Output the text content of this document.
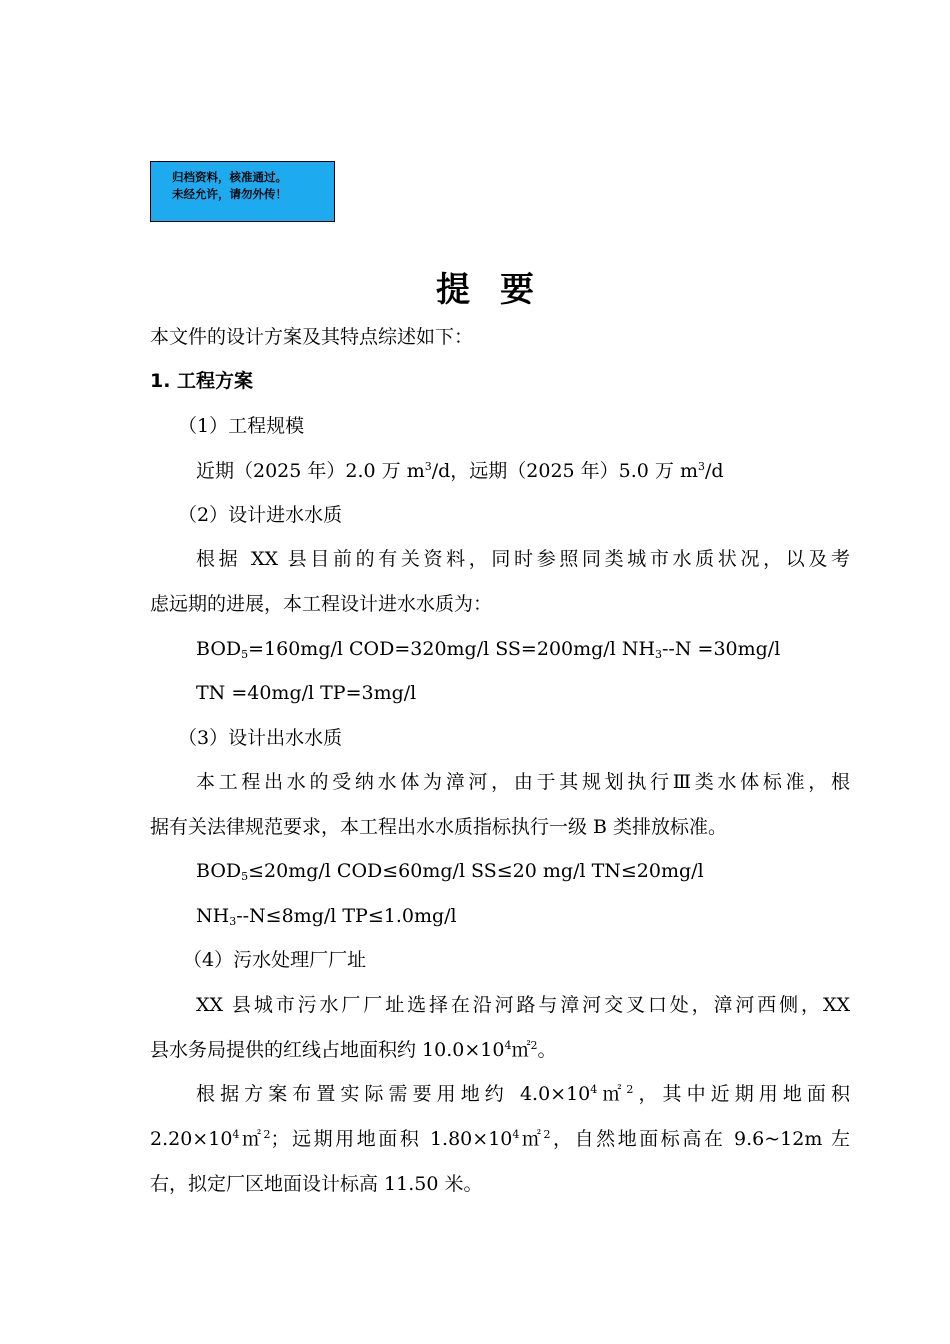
归档资料，核准通过。
未经允许，请勿外传！
提要
本文件的设计方案及其特点综述如下：
1. 工程方案
（1）工程规模
近期（2025 年）2.0 万 $m^3/d$，远期（2025 年）5.0 万 $m^3/d$
（2）设计进水水质
根据 XX 县目前的有关资料，同时参照同类城市水质状况，以及考
虑远期的进展，本工程设计进水水质为：
$BOD_5=160mg/l$ COD=320mg/l SS=200mg/l $NH_3--N =30mg/l$
TN =40mg/l TP=3mg/l
（3）设计出水水质
本工程出水的受纳水体为漳河，由于其规划执行Ⅲ类水体标准，根
据有关法律规范要求，本工程出水水质指标执行一级 B 类排放标准。
$BOD_5\le 20mg/l$ COD≤60mg/l SS≤20 mg/l TN≤20mg/l
$NH_3--N\le 8mg/l$ TP≤1.0mg/l
（4）污水处理厂厂址
XX 县城市污水厂厂址选择在沿河路与漳河交叉口处，漳河西侧，XX
县水务局提供的红线占地面积约 $10.0\times 10^4㎡^2$。
根据方案布置实际需要用地约 $4.0\times 10^4㎡^2$，其中近期用地面积
$2.20\times 10^4㎡^2$；远期用地面积 $1.80\times 10^4㎡^2$，自然地面标高在 9.6~12m 左
右，拟定厂区地面设计标高 11.50 米。
